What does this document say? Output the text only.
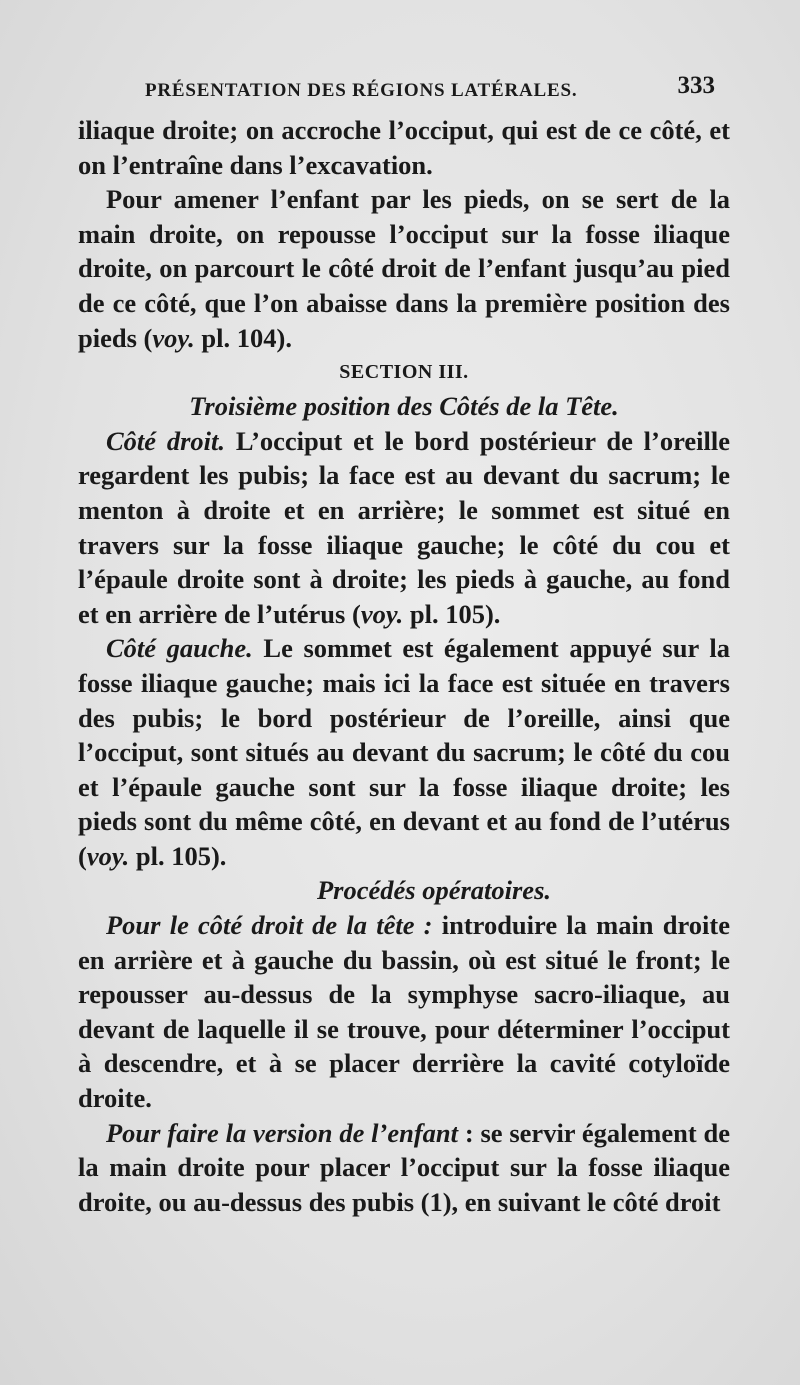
PRÉSENTATION DES RÉGIONS LATÉRALES.	333

iliaque droite; on accroche l’occiput, qui est de ce côté, et on l’entraîne dans l’excavation.

Pour amener l’enfant par les pieds, on se sert de la main droite, on repousse l’occiput sur la fosse iliaque droite, on parcourt le côté droit de l’enfant jusqu’au pied de ce côté, que l’on abaisse dans la première position des pieds (voy. pl. 104).

SECTION III.

Troisième position des Côtés de la Tête.

Côté droit. L’occiput et le bord postérieur de l’oreille regardent les pubis; la face est au devant du sacrum; le menton à droite et en arrière; le sommet est situé en travers sur la fosse iliaque gauche; le côté du cou et l’épaule droite sont à droite; les pieds à gauche, au fond et en arrière de l’utérus (voy. pl. 105).

Côté gauche. Le sommet est également appuyé sur la fosse iliaque gauche; mais ici la face est située en travers des pubis; le bord postérieur de l’oreille, ainsi que l’occiput, sont situés au devant du sacrum; le côté du cou et l’épaule gauche sont sur la fosse iliaque droite; les pieds sont du même côté, en devant et au fond de l’utérus (voy. pl. 105).

Procédés opératoires.

Pour le côté droit de la tête : introduire la main droite en arrière et à gauche du bassin, où est situé le front; le repousser au-dessus de la symphyse sacro-iliaque, au devant de laquelle il se trouve, pour déterminer l’occiput à descendre, et à se placer derrière la cavité cotyloïde droite.

Pour faire la version de l’enfant : se servir également de la main droite pour placer l’occiput sur la fosse iliaque droite, ou au-dessus des pubis (1), en suivant le côté droit
